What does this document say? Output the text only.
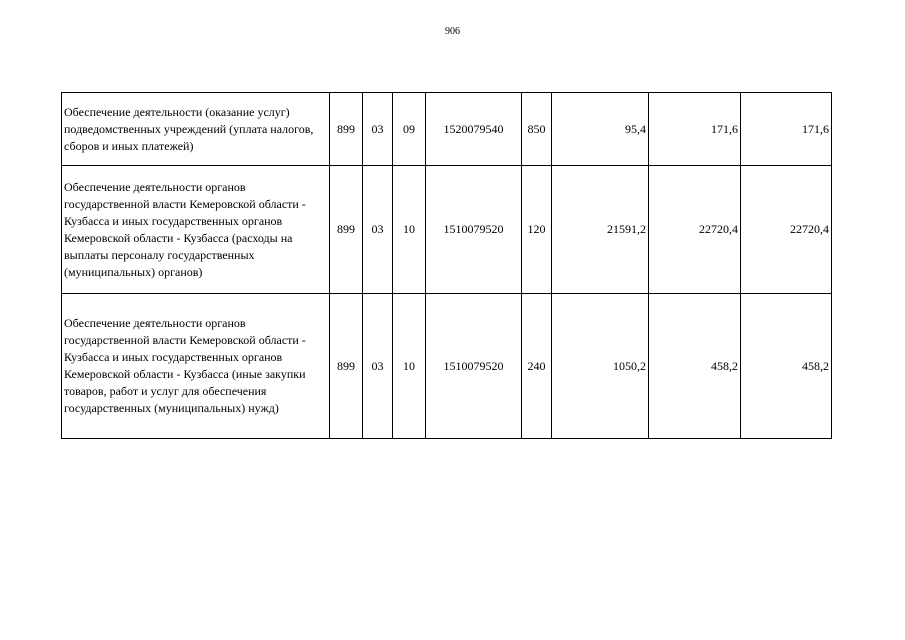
906
Обеспечение деятельности (оказание услуг) подведомственных учреждений (уплата налогов, сборов и иных платежей)	899	03	09	1520079540	850	95,4	171,6	171,6
Обеспечение деятельности органов государственной власти Кемеровской области - Кузбасса и иных государственных органов Кемеровской области - Кузбасса (расходы на выплаты персоналу государственных (муниципальных) органов)	899	03	10	1510079520	120	21591,2	22720,4	22720,4
Обеспечение деятельности органов государственной власти Кемеровской области - Кузбасса и иных государственных органов Кемеровской области - Кузбасса (иные закупки товаров, работ и услуг для обеспечения государственных (муниципальных) нужд)	899	03	10	1510079520	240	1050,2	458,2	458,2
